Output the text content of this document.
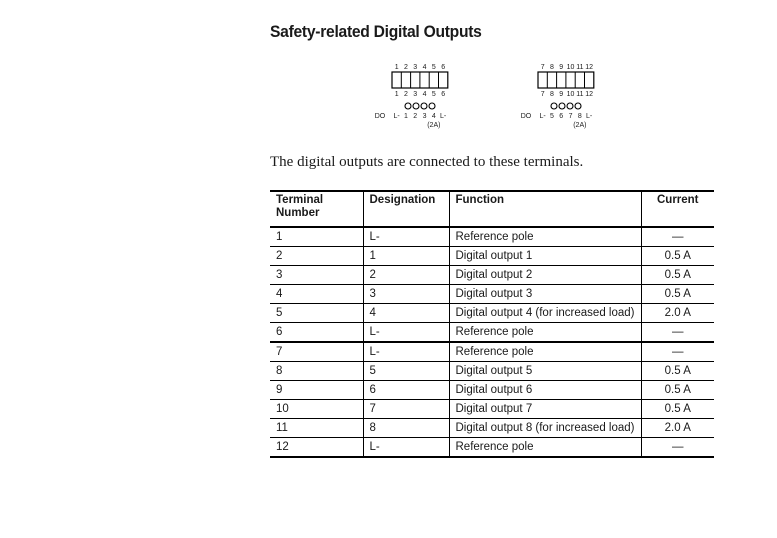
Safety-related Digital Outputs
1 2 3 4 5 6
1 2 3 4 5 6
DO L- 1 2 3 4 L-
(2A)
7 8 9 10 11 12
7 8 9 10 11 12
DO L- 5 6 7 8 L-
(2A)
The digital outputs are connected to these terminals.
Terminal
Number	Designation	Function	Current
1	L-	Reference pole	—
2	1	Digital output 1	0.5 A
3	2	Digital output 2	0.5 A
4	3	Digital output 3	0.5 A
5	4	Digital output 4 (for increased load)	2.0 A
6	L-	Reference pole	—
7	L-	Reference pole	—
8	5	Digital output 5	0.5 A
9	6	Digital output 6	0.5 A
10	7	Digital output 7	0.5 A
11	8	Digital output 8 (for increased load)	2.0 A
12	L-	Reference pole	—
